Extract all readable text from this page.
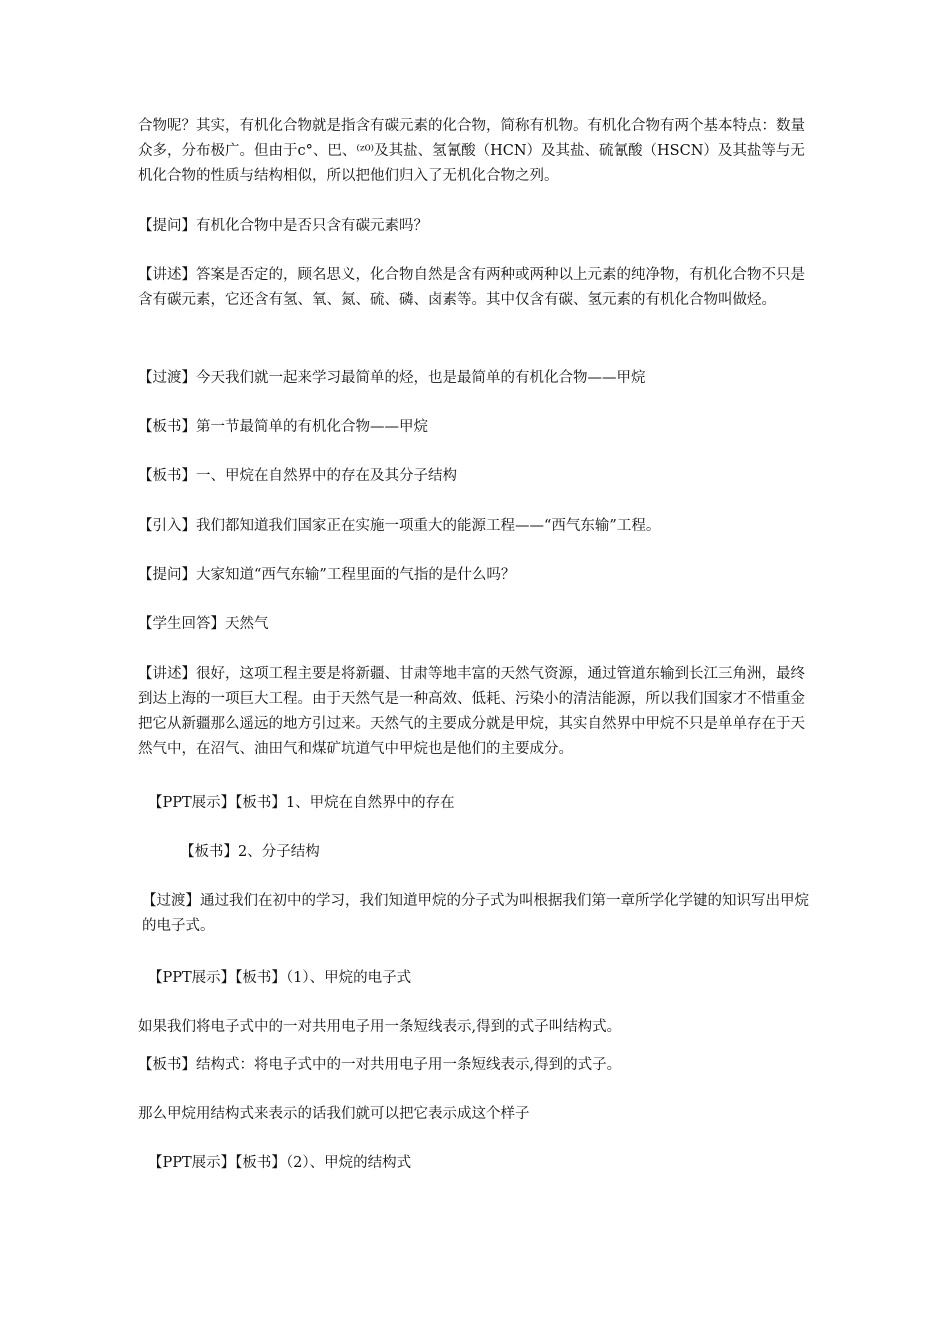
合物呢？其实，有机化合物就是指含有碳元素的化合物，简称有机物。有机化合物有两个基本特点：数量众多，分布极广。但由于c°、巴、⁽ᶻ⁰⁾及其盐、氢氰酸（HCN）及其盐、硫氰酸（HSCN）及其盐等与无机化合物的性质与结构相似，所以把他们归入了无机化合物之列。

【提问】有机化合物中是否只含有碳元素吗？

【讲述】答案是否定的，顾名思义，化合物自然是含有两种或两种以上元素的纯净物，有机化合物不只是含有碳元素，它还含有氢、氧、氮、硫、磷、卤素等。其中仅含有碳、氢元素的有机化合物叫做烃。

【过渡】今天我们就一起来学习最简单的烃，也是最简单的有机化合物——甲烷

【板书】第一节最简单的有机化合物——甲烷

【板书】一、甲烷在自然界中的存在及其分子结构

【引入】我们都知道我们国家正在实施一项重大的能源工程——“西气东输”工程。

【提问】大家知道“西气东输”工程里面的气指的是什么吗？

【学生回答】天然气

【讲述】很好，这项工程主要是将新疆、甘肃等地丰富的天然气资源，通过管道东输到长江三角洲，最终到达上海的一项巨大工程。由于天然气是一种高效、低耗、污染小的清洁能源，所以我们国家才不惜重金把它从新疆那么遥远的地方引过来。天然气的主要成分就是甲烷，其实自然界中甲烷不只是单单存在于天然气中，在沼气、油田气和煤矿坑道气中甲烷也是他们的主要成分。

【PPT展示】【板书】1、甲烷在自然界中的存在

【板书】2、分子结构

【过渡】通过我们在初中的学习，我们知道甲烷的分子式为叫根据我们第一章所学化学键的知识写出甲烷的电子式。

【PPT展示】【板书】（1）、甲烷的电子式

如果我们将电子式中的一对共用电子用一条短线表示,得到的式子叫结构式。

【板书】结构式：将电子式中的一对共用电子用一条短线表示,得到的式子。

那么甲烷用结构式来表示的话我们就可以把它表示成这个样子

【PPT展示】【板书】（2）、甲烷的结构式
